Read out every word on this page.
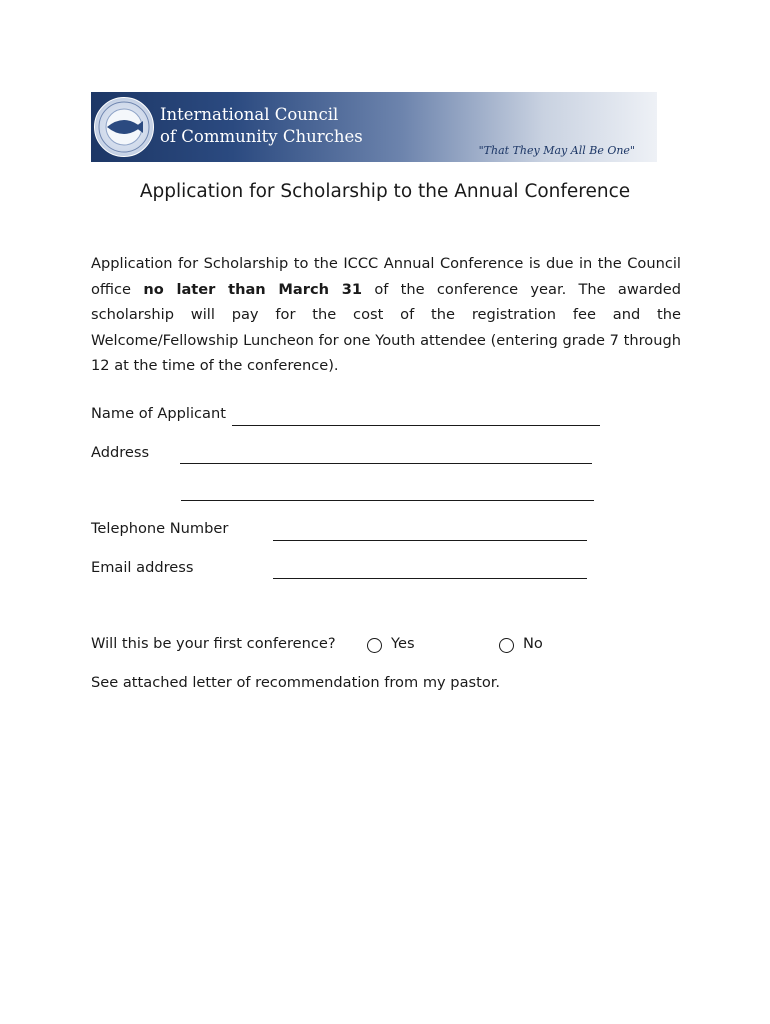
International Council
of Community Churches
"That They May All Be One"
Application for Scholarship to the Annual Conference
Application for Scholarship to the ICCC Annual Conference is due in the Council office no later than March 31 of the conference year. The awarded scholarship will pay for the cost of the registration fee and the Welcome/Fellowship Luncheon for one Youth attendee (entering grade 7 through 12 at the time of the conference).
Name of Applicant
Address
Telephone Number
Email address
Will this be your first conference?	Yes	No
See attached letter of recommendation from my pastor.
